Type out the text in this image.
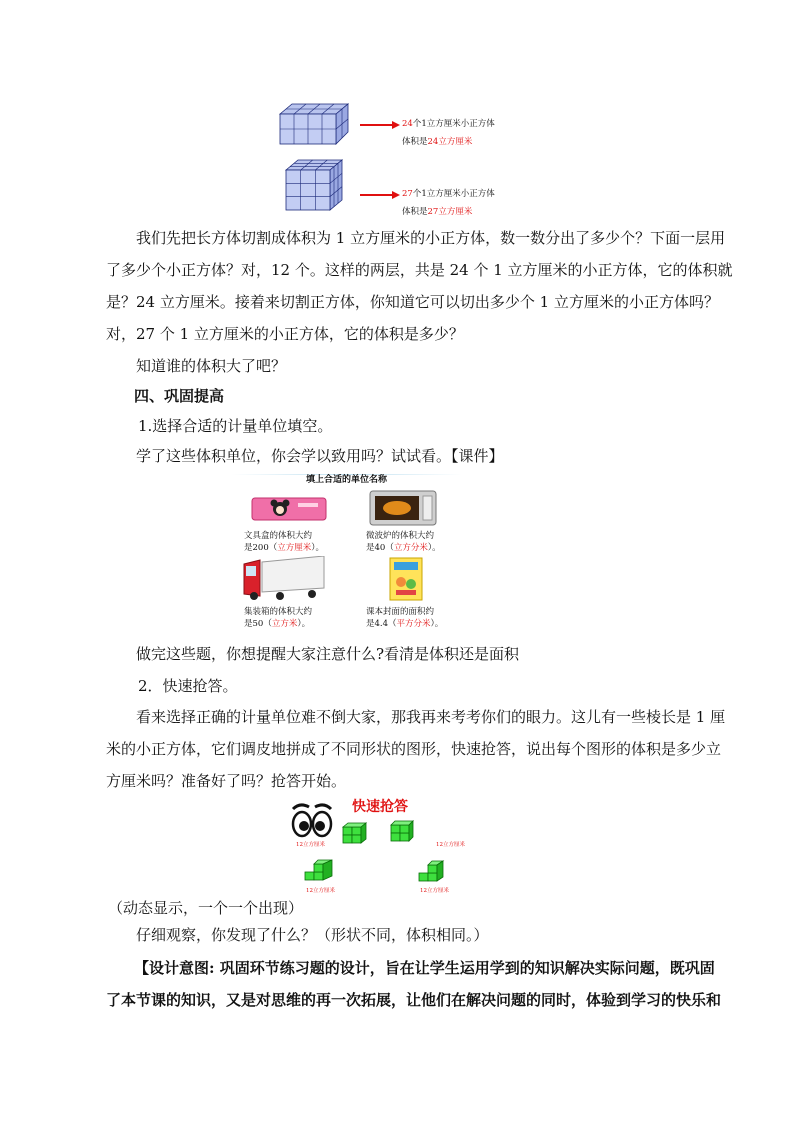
24个1立方厘米小正方体
体积是24立方厘米
27个1立方厘米小正方体
体积是27立方厘米
我们先把长方体切割成体积为 1 立方厘米的小正方体，数一数分出了多少个？下面一层用
了多少个小正方体？对，12 个。这样的两层，共是 24 个 1 立方厘米的小正方体，它的体积就
是？24 立方厘米。接着来切割正方体，你知道它可以切出多少个 1 立方厘米的小正方体吗？
对，27 个 1 立方厘米的小正方体，它的体积是多少？
知道谁的体积大了吧？
四、巩固提高
1.选择合适的计量单位填空。
学了这些体积单位，你会学以致用吗？试试看。【课件】
填上合适的单位名称
文具盒的体积大约
是200（立方厘米）。
微波炉的体积大约
是40（立方分米）。
集装箱的体积大约
是50（立方米）。
课本封面的面积约
是4.4（平方分米）。
做完这些题，你想提醒大家注意什么?看清是体积还是面积
2．快速抢答。
看来选择正确的计量单位难不倒大家，那我再来考考你们的眼力。这儿有一些棱长是 1 厘
米的小正方体，它们调皮地拼成了不同形状的图形，快速抢答，说出每个图形的体积是多少立
方厘米吗？准备好了吗？抢答开始。
快速抢答
12立方厘米	12立方厘米
12立方厘米	12立方厘米
（动态显示，一个一个出现）
仔细观察，你发现了什么？（形状不同，体积相同。）
【设计意图: 巩固环节练习题的设计，旨在让学生运用学到的知识解决实际问题，既巩固
了本节课的知识，又是对思维的再一次拓展，让他们在解决问题的同时，体验到学习的快乐和
